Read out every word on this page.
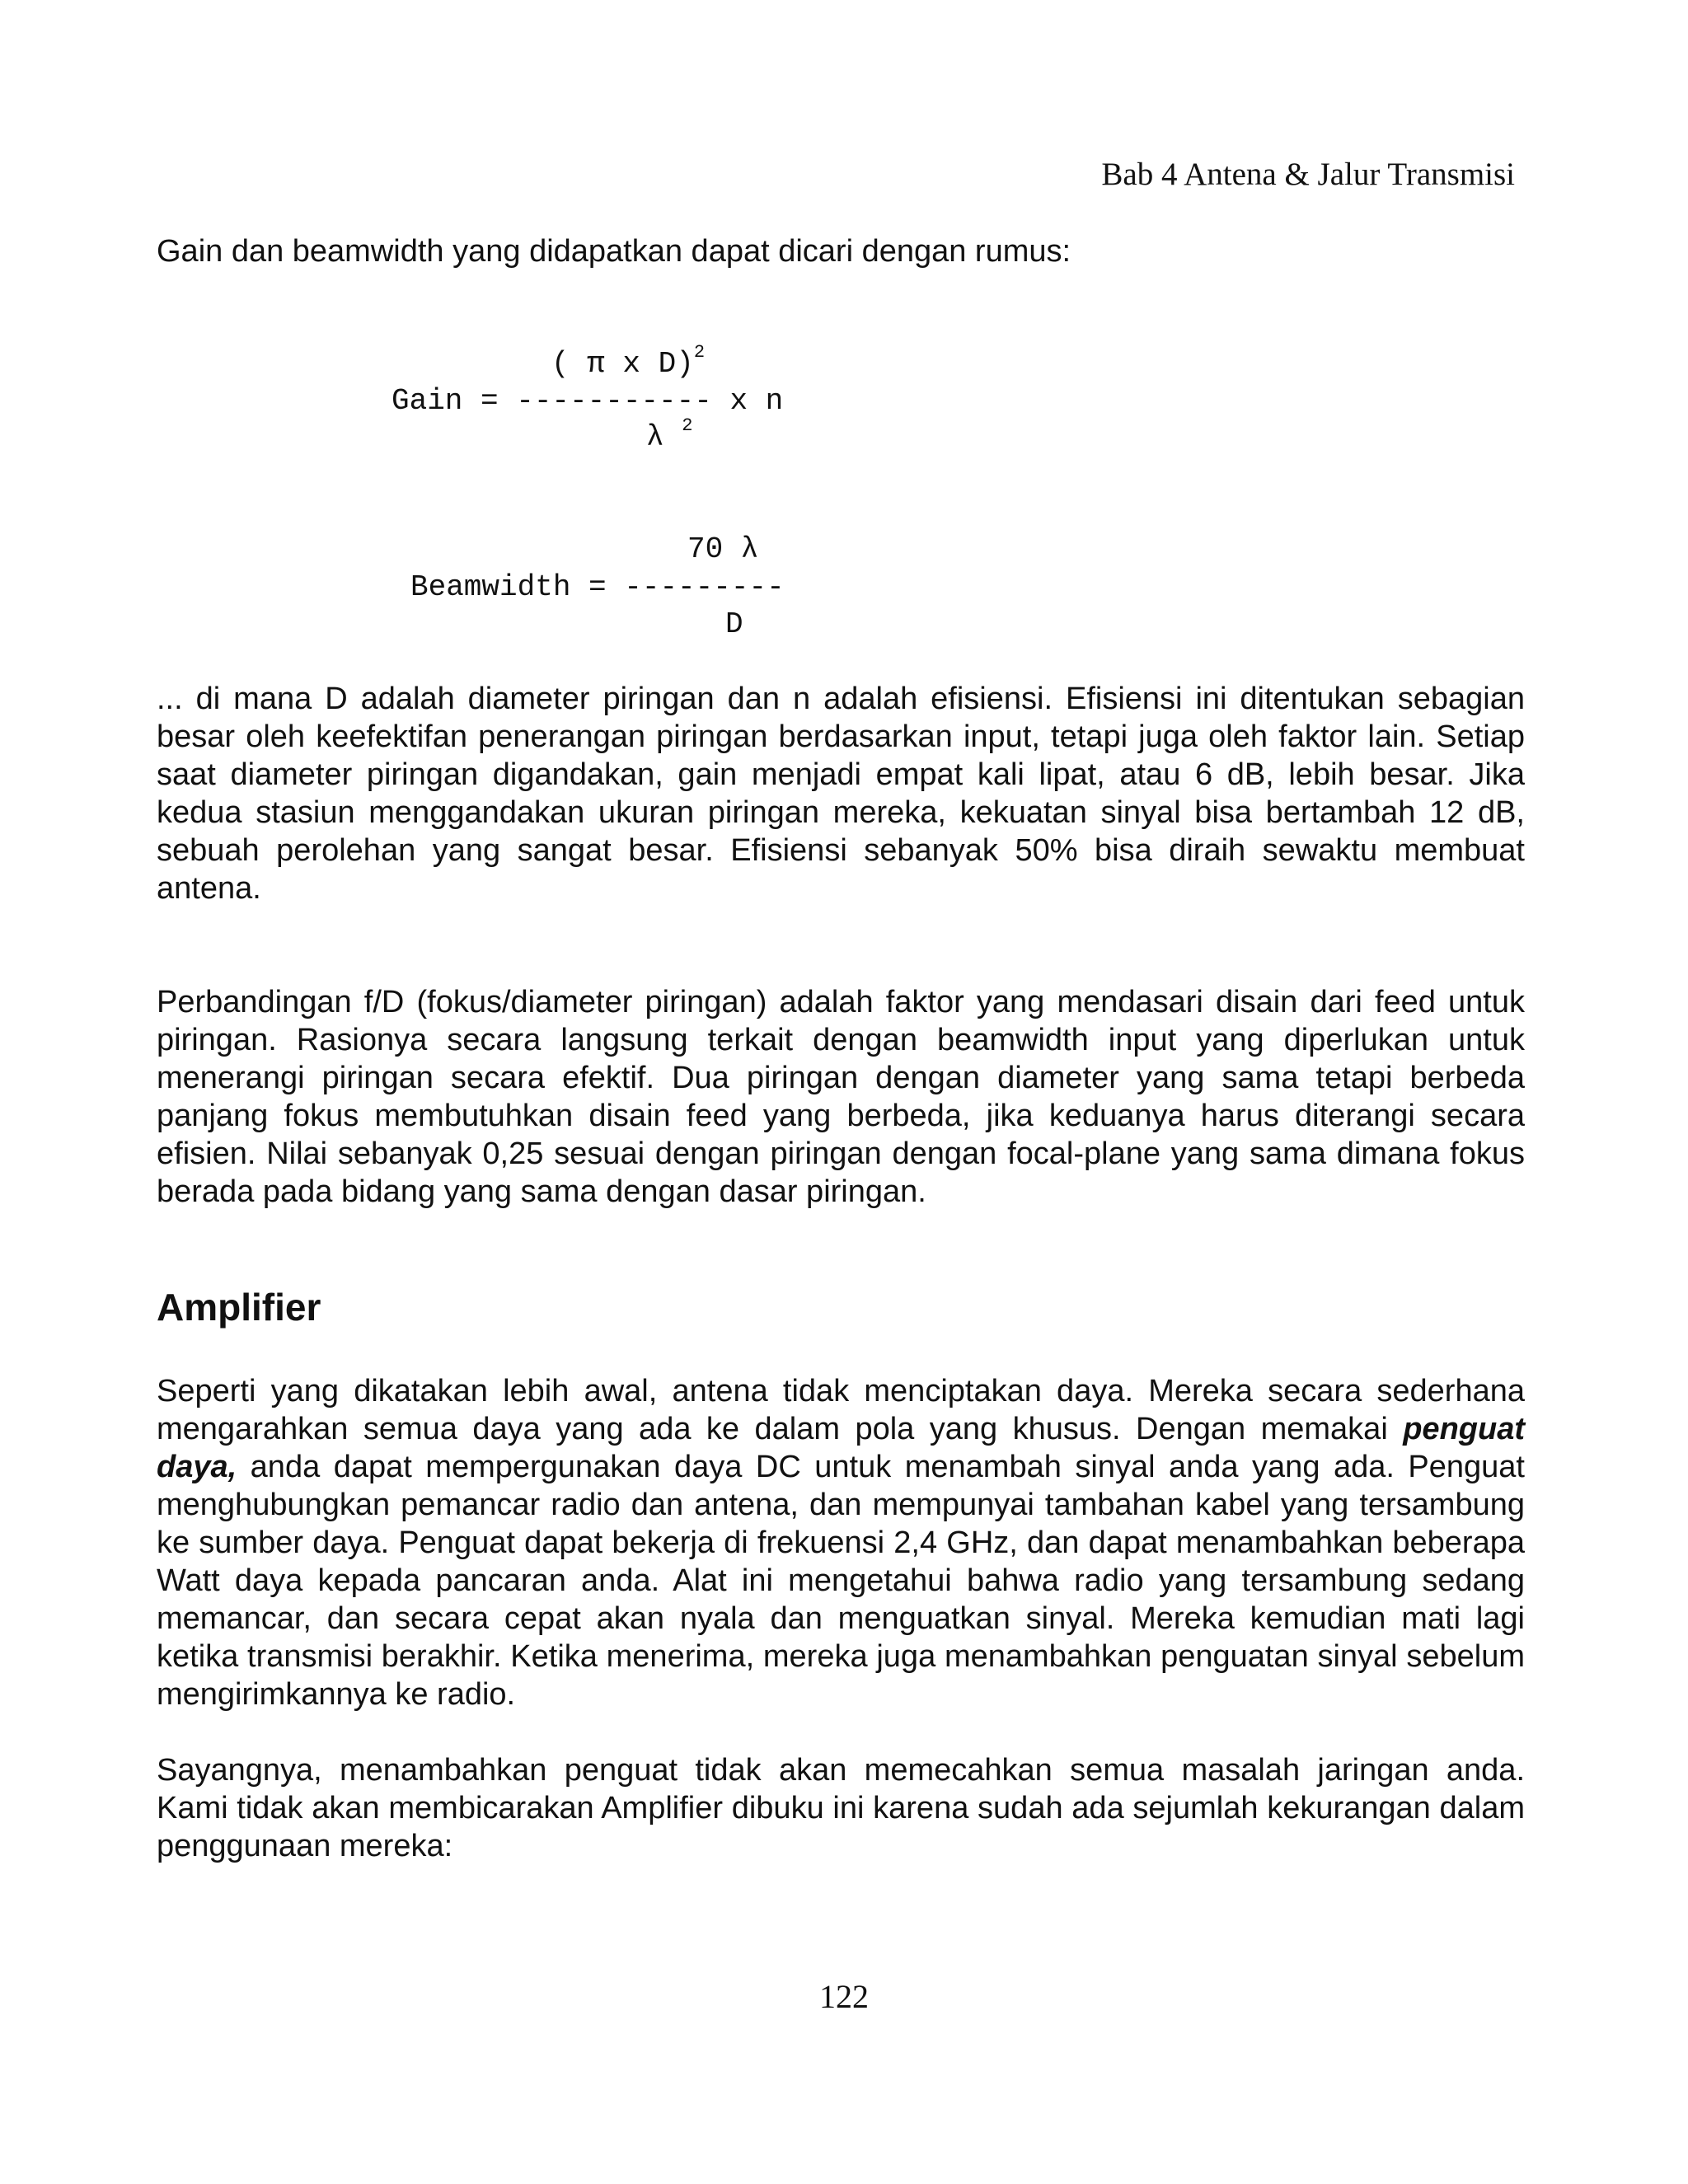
Bab 4 Antena & Jalur Transmisi

Gain dan beamwidth yang didapatkan dapat dicari dengan rumus:

( π x D)$^2$
Gain = ----------- x n
λ $^2$
70 λ
Beamwidth = ---------
D

... di mana D adalah diameter piringan dan n adalah efisiensi. Efisiensi ini ditentukan sebagian besar oleh keefektifan penerangan piringan berdasarkan input, tetapi juga oleh faktor lain. Setiap saat diameter piringan digandakan, gain menjadi empat kali lipat, atau 6 dB, lebih besar. Jika kedua stasiun menggandakan ukuran piringan mereka, kekuatan sinyal bisa bertambah 12 dB, sebuah perolehan yang sangat besar. Efisiensi sebanyak 50% bisa diraih sewaktu membuat antena.

Perbandingan f/D (fokus/diameter piringan) adalah faktor yang mendasari disain dari feed untuk piringan. Rasionya secara langsung terkait dengan beamwidth input yang diperlukan untuk menerangi piringan secara efektif. Dua piringan dengan diameter yang sama tetapi berbeda panjang fokus membutuhkan disain feed yang berbeda, jika keduanya harus diterangi secara efisien. Nilai sebanyak 0,25 sesuai dengan piringan dengan focal-plane yang sama dimana fokus berada pada bidang yang sama dengan dasar piringan.

Amplifier

Seperti yang dikatakan lebih awal, antena tidak menciptakan daya. Mereka secara sederhana mengarahkan semua daya yang ada ke dalam pola yang khusus. Dengan memakai penguat daya, anda dapat mempergunakan daya DC untuk menambah sinyal anda yang ada. Penguat menghubungkan pemancar radio dan antena, dan mempunyai tambahan kabel yang tersambung ke sumber daya. Penguat dapat bekerja di frekuensi 2,4 GHz, dan dapat menambahkan beberapa Watt daya kepada pancaran anda. Alat ini mengetahui bahwa radio yang tersambung sedang memancar, dan secara cepat akan nyala dan menguatkan sinyal. Mereka kemudian mati lagi ketika transmisi berakhir. Ketika menerima, mereka juga menambahkan penguatan sinyal sebelum mengirimkannya ke radio.

Sayangnya, menambahkan penguat tidak akan memecahkan semua masalah jaringan anda. Kami tidak akan membicarakan Amplifier dibuku ini karena sudah ada sejumlah kekurangan dalam penggunaan mereka:

122
